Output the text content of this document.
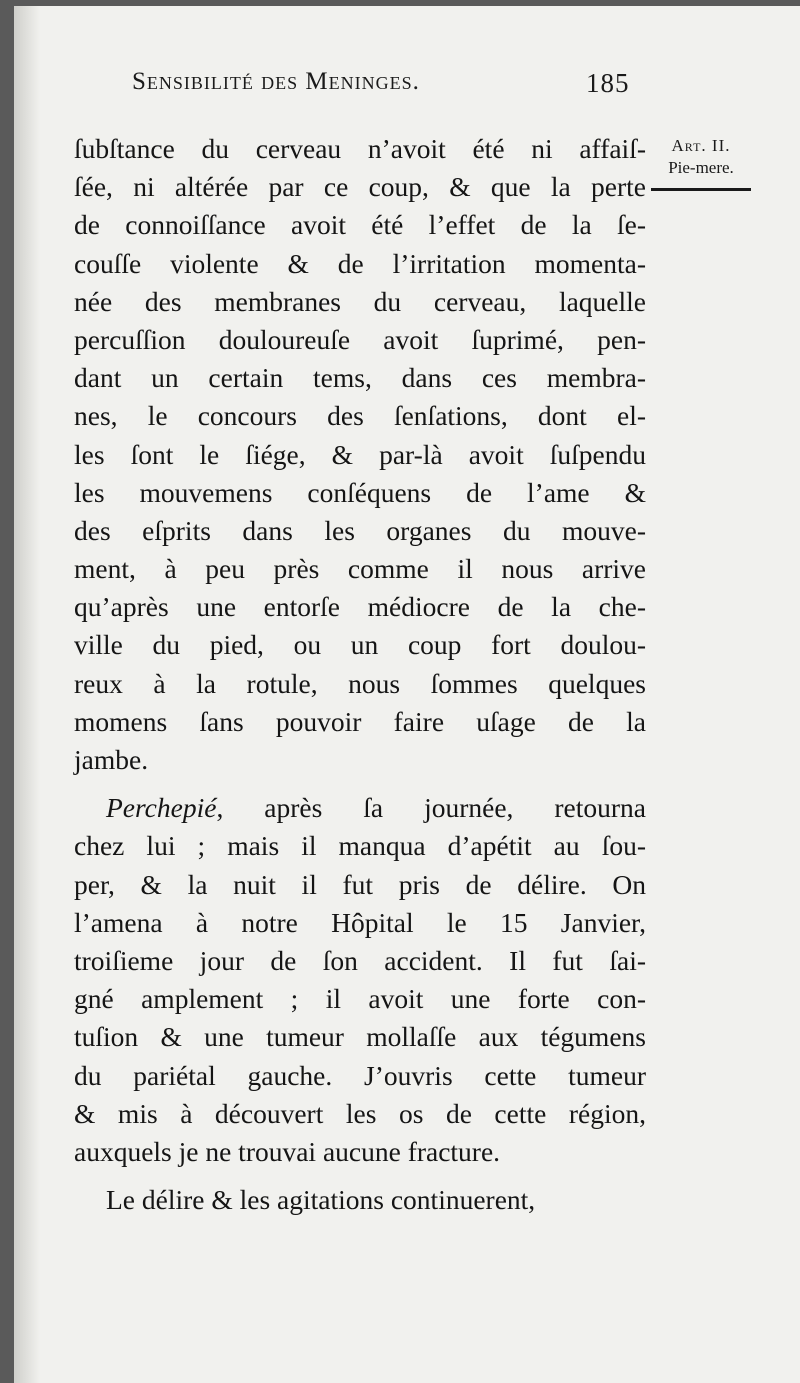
Sensibilité des Meninges.	185
Art. II.
Pie-mere.
ſubſtance du cerveau n’avoit été ni affaiſ-
ſée, ni altérée par ce coup, & que la perte
de connoiſſance avoit été l’effet de la ſe-
couſſe violente & de l’irritation momenta-
née des membranes du cerveau, laquelle
percuſſion douloureuſe avoit ſuprimé, pen-
dant un certain tems, dans ces membra-
nes, le concours des ſenſations, dont el-
les ſont le ſiége, & par-là avoit ſuſpendu
les mouvemens conſéquens de l’ame &
des eſprits dans les organes du mouve-
ment, à peu près comme il nous arrive
qu’après une entorſe médiocre de la che-
ville du pied, ou un coup fort doulou-
reux à la rotule, nous ſommes quelques
momens ſans pouvoir faire uſage de la
jambe.
Perchepié, après ſa journée, retourna
chez lui ; mais il manqua d’apétit au ſou-
per, & la nuit il fut pris de délire. On
l’amena à notre Hôpital le 15 Janvier,
troiſieme jour de ſon accident. Il fut ſai-
gné amplement ; il avoit une forte con-
tuſion & une tumeur mollaſſe aux tégumens
du pariétal gauche. J’ouvris cette tumeur
& mis à découvert les os de cette région,
auxquels je ne trouvai aucune fracture.
Le délire & les agitations continuerent,
